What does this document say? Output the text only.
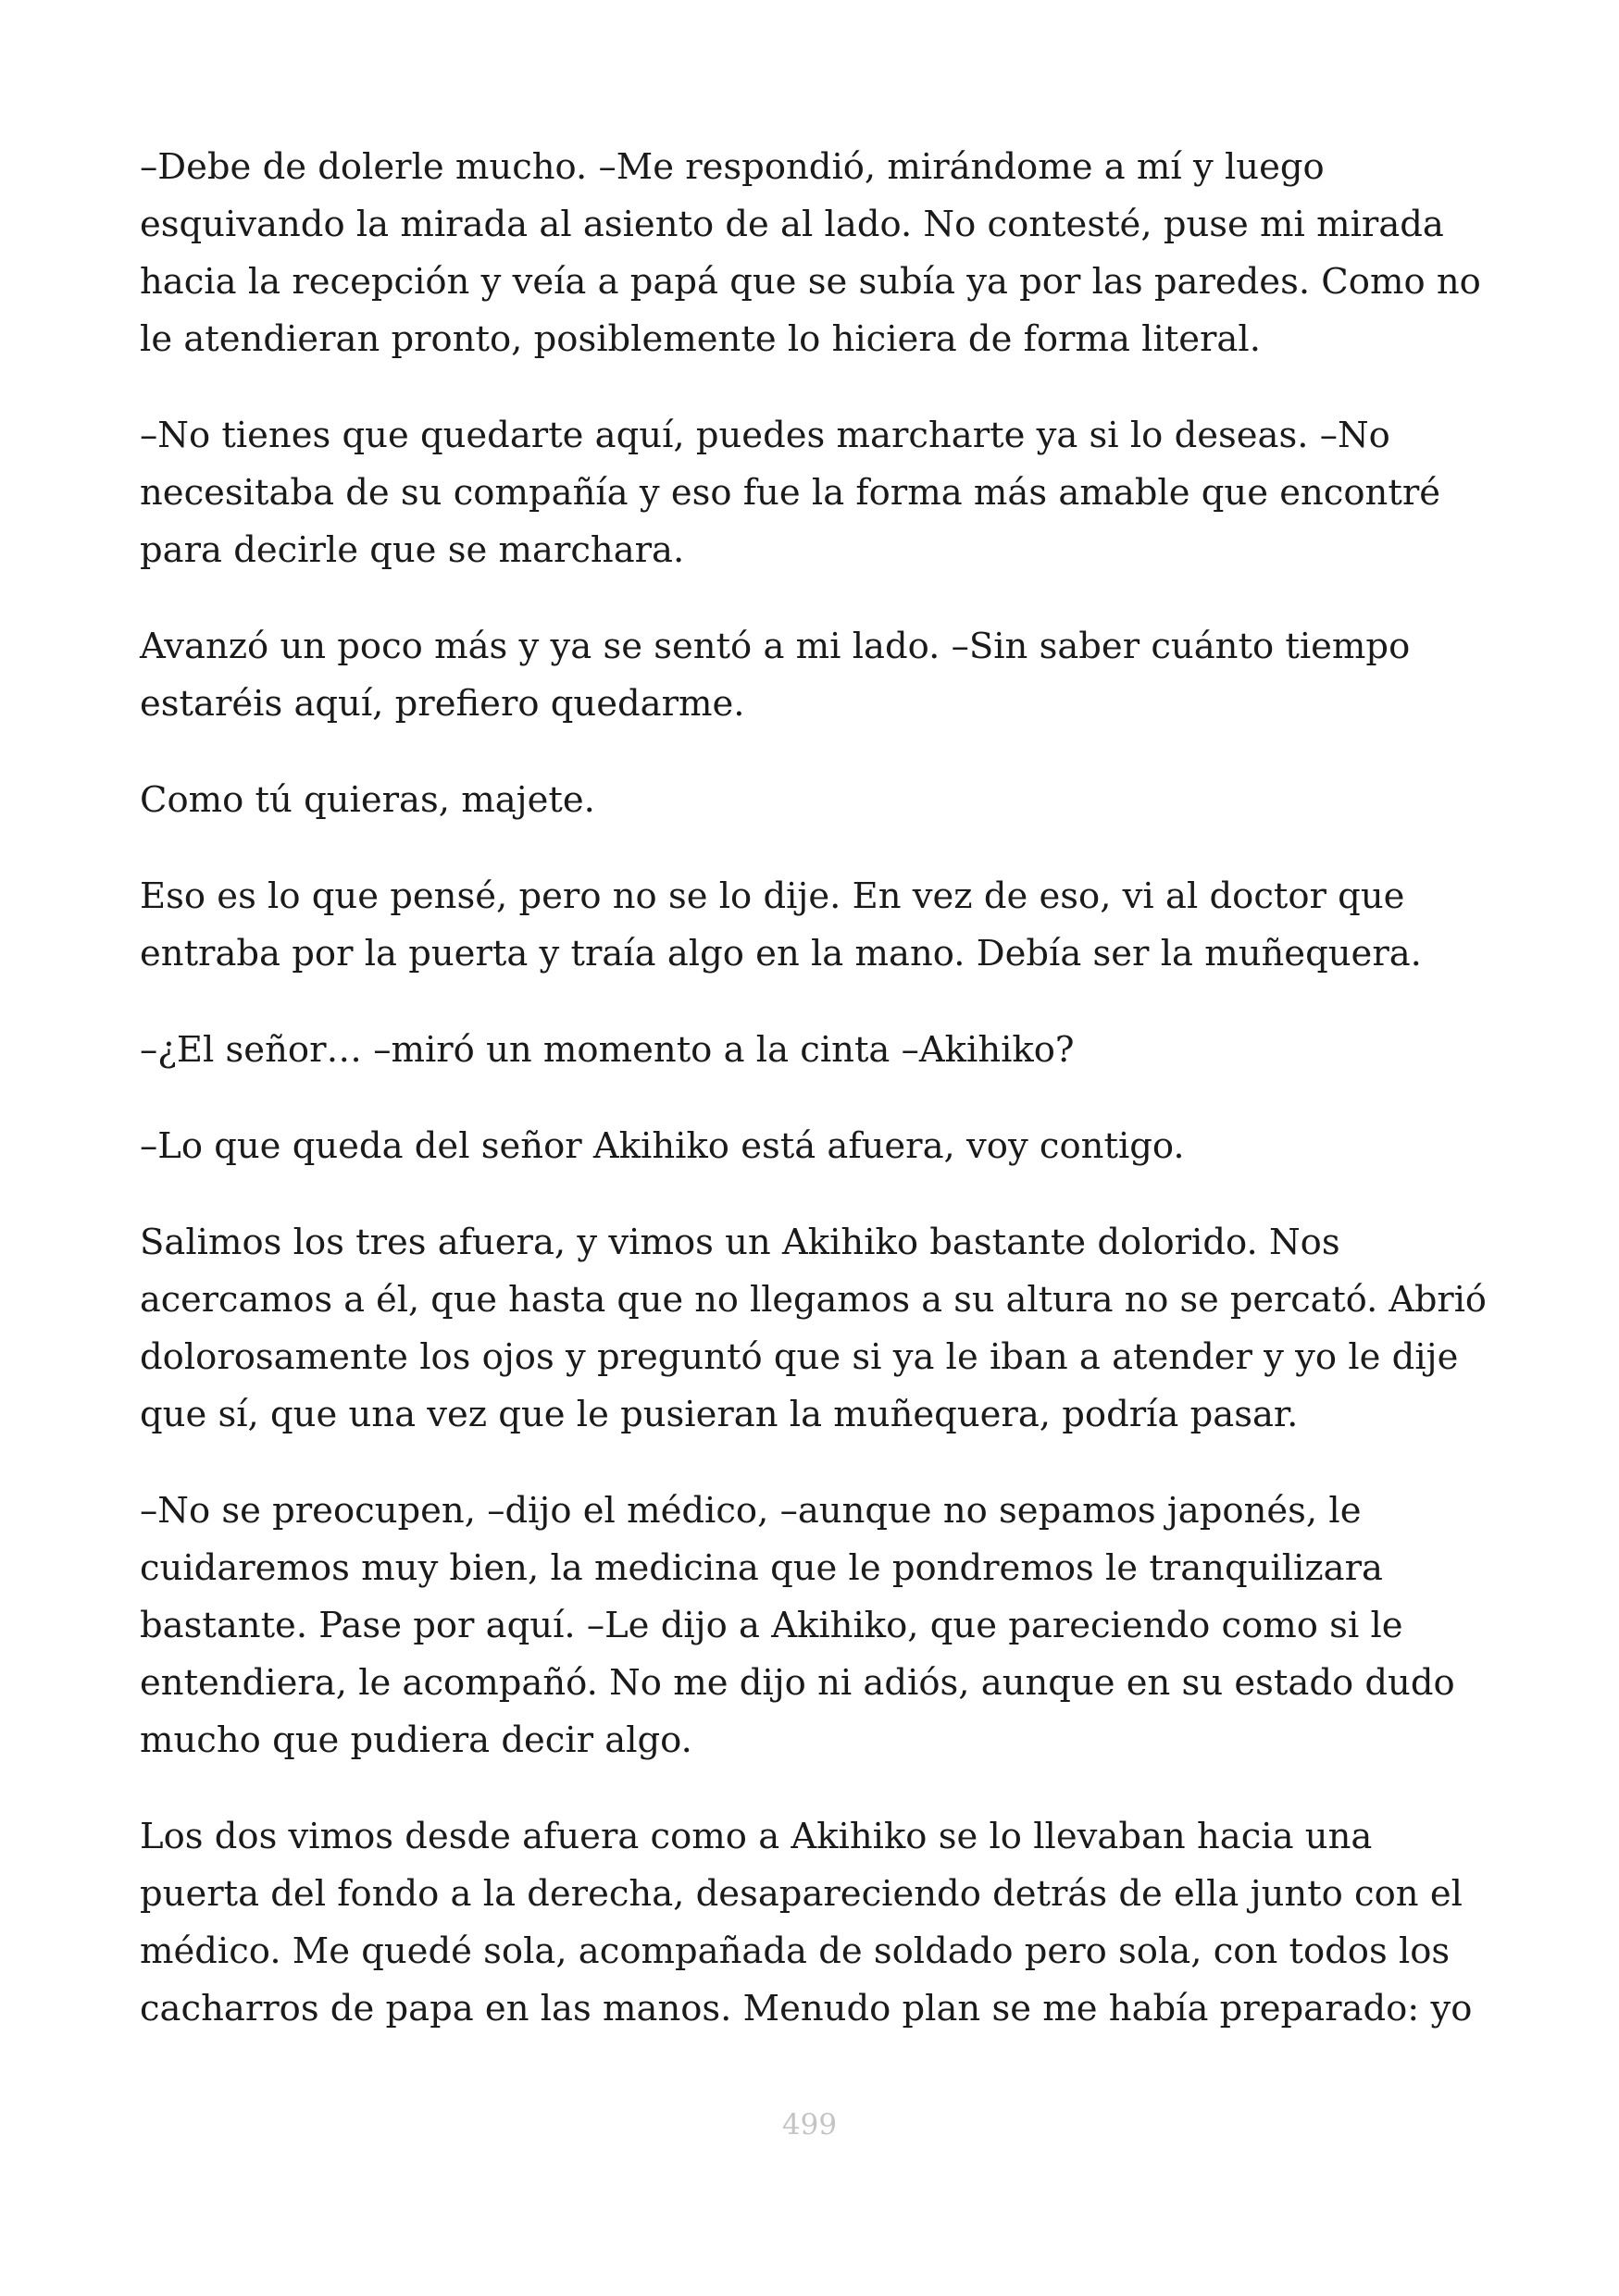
–Debe de dolerle mucho. –Me respondió, mirándome a mí y luego
esquivando la mirada al asiento de al lado. No contesté, puse mi mirada
hacia la recepción y veía a papá que se subía ya por las paredes. Como no
le atendieran pronto, posiblemente lo hiciera de forma literal.

–No tienes que quedarte aquí, puedes marcharte ya si lo deseas. –No
necesitaba de su compañía y eso fue la forma más amable que encontré
para decirle que se marchara.

Avanzó un poco más y ya se sentó a mi lado. –Sin saber cuánto tiempo
estaréis aquí, prefiero quedarme.

Como tú quieras, majete.

Eso es lo que pensé, pero no se lo dije. En vez de eso, vi al doctor que
entraba por la puerta y traía algo en la mano. Debía ser la muñequera.

–¿El señor… –miró un momento a la cinta –Akihiko?

–Lo que queda del señor Akihiko está afuera, voy contigo.

Salimos los tres afuera, y vimos un Akihiko bastante dolorido. Nos
acercamos a él, que hasta que no llegamos a su altura no se percató. Abrió
dolorosamente los ojos y preguntó que si ya le iban a atender y yo le dije
que sí, que una vez que le pusieran la muñequera, podría pasar.

–No se preocupen, –dijo el médico, –aunque no sepamos japonés, le
cuidaremos muy bien, la medicina que le pondremos le tranquilizara
bastante. Pase por aquí. –Le dijo a Akihiko, que pareciendo como si le
entendiera, le acompañó. No me dijo ni adiós, aunque en su estado dudo
mucho que pudiera decir algo.

Los dos vimos desde afuera como a Akihiko se lo llevaban hacia una
puerta del fondo a la derecha, desapareciendo detrás de ella junto con el
médico. Me quedé sola, acompañada de soldado pero sola, con todos los
cacharros de papa en las manos. Menudo plan se me había preparado: yo

499
